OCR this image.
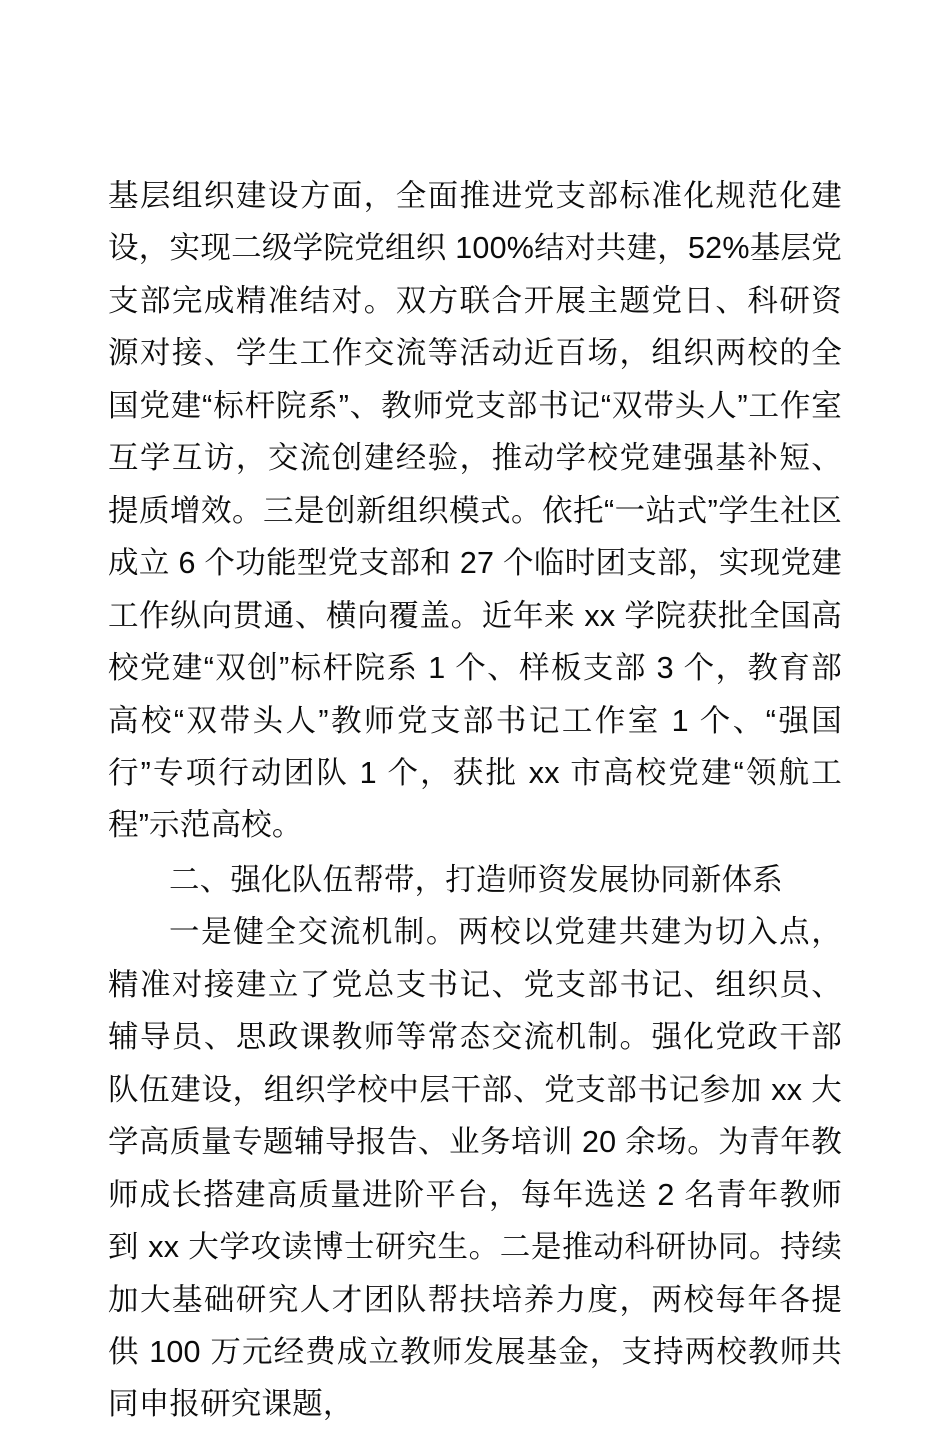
基层组织建设方面，全面推进党支部标准化规范化建设，实现二级学院党组织 100%结对共建，52%基层党支部完成精准结对。双方联合开展主题党日、科研资源对接、学生工作交流等活动近百场，组织两校的全国党建“标杆院系”、教师党支部书记“双带头人”工作室互学互访，交流创建经验，推动学校党建强基补短、提质增效。三是创新组织模式。依托“一站式”学生社区成立 6 个功能型党支部和 27 个临时团支部，实现党建工作纵向贯通、横向覆盖。近年来 xx 学院获批全国高校党建“双创”标杆院系 1 个、样板支部 3 个，教育部高校“双带头人”教师党支部书记工作室 1 个、“强国行”专项行动团队 1 个，获批 xx 市高校党建“领航工程”示范高校。

二、强化队伍帮带，打造师资发展协同新体系

一是健全交流机制。两校以党建共建为切入点，精准对接建立了党总支书记、党支部书记、组织员、辅导员、思政课教师等常态交流机制。强化党政干部队伍建设，组织学校中层干部、党支部书记参加 xx 大学高质量专题辅导报告、业务培训 20 余场。为青年教师成长搭建高质量进阶平台，每年选送 2 名青年教师到 xx 大学攻读博士研究生。二是推动科研协同。持续加大基础研究人才团队帮扶培养力度，两校每年各提供 100 万元经费成立教师发展基金，支持两校教师共同申报研究课题，
